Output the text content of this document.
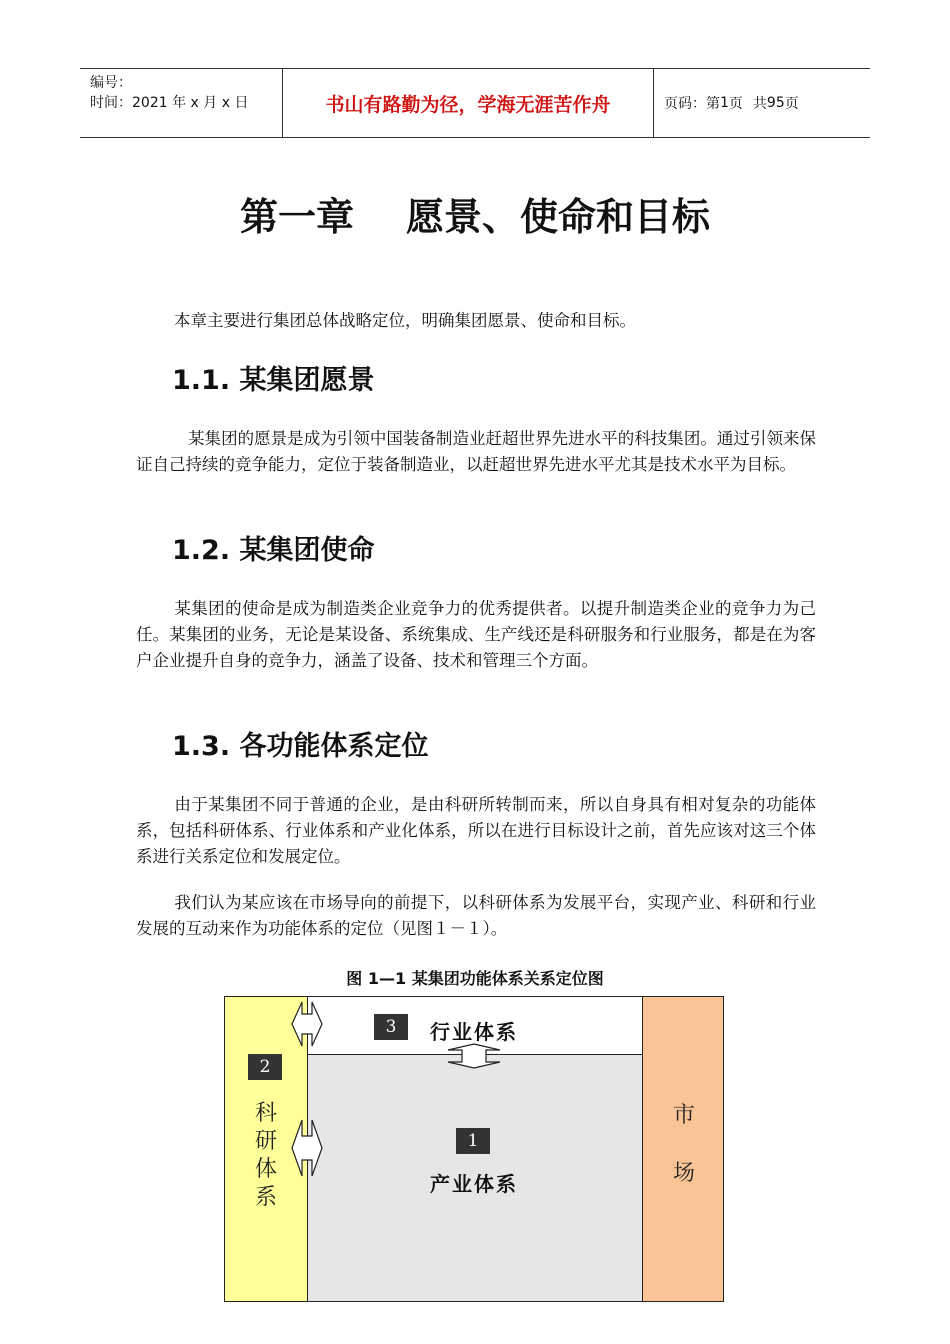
编号：
时间：2021 年 x 月 x 日	书山有路勤为径，学海无涯苦作舟	页码：第 1 页 共 95 页
第一章 愿景、使命和目标
本章主要进行集团总体战略定位，明确集团愿景、使命和目标。
1.1. 某集团愿景
某集团的愿景是成为引领中国装备制造业赶超世界先进水平的科技集团。通过引领来保证自己持续的竞争能力，定位于装备制造业，以赶超世界先进水平尤其是技术水平为目标。
1.2. 某集团使命
某集团的使命是成为制造类企业竞争力的优秀提供者。以提升制造类企业的竞争力为己任。某集团的业务，无论是某设备、系统集成、生产线还是科研服务和行业服务，都是在为客户企业提升自身的竞争力，涵盖了设备、技术和管理三个方面。
1.3. 各功能体系定位
由于某集团不同于普通的企业，是由科研所转制而来，所以自身具有相对复杂的功能体系，包括科研体系、行业体系和产业化体系，所以在进行目标设计之前，首先应该对这三个体系进行关系定位和发展定位。
我们认为某应该在市场导向的前提下，以科研体系为发展平台，实现产业、科研和行业发展的互动来作为功能体系的定位（见图１－１）。
图 1—1 某集团功能体系关系定位图
2
科
研
体
系
3	行业体系
1
产业体系
市
场
